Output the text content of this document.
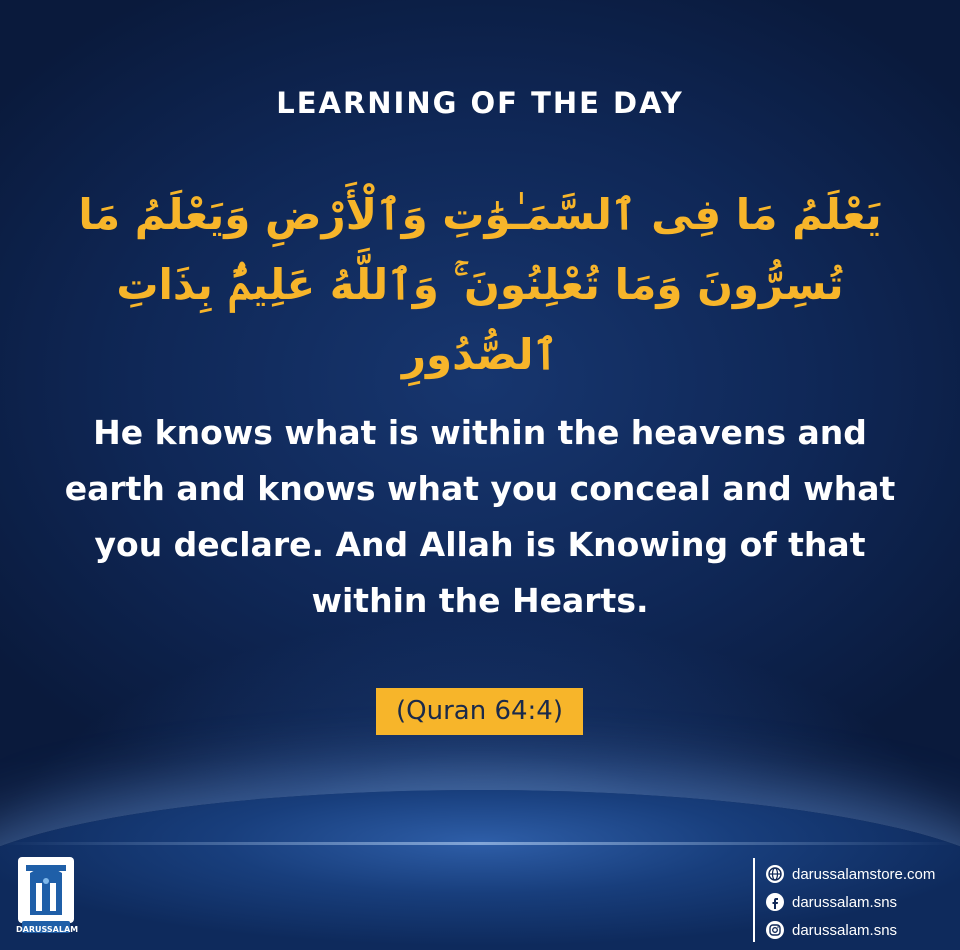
LEARNING OF THE DAY
يَعْلَمُ مَا فِى ٱلسَّمَـٰوَٰتِ وَٱلْأَرْضِ وَيَعْلَمُ مَا تُسِرُّونَ وَمَا تُعْلِنُونَ ۚ وَٱللَّهُ عَلِيمٌۢ بِذَاتِ ٱلصُّدُورِ
He knows what is within the heavens and earth and knows what you conceal and what you declare. And Allah is Knowing of that within the Hearts.
(Quran 64:4)
DARUSSALAM
darussalamstore.com
darussalam.sns
darussalam.sns
